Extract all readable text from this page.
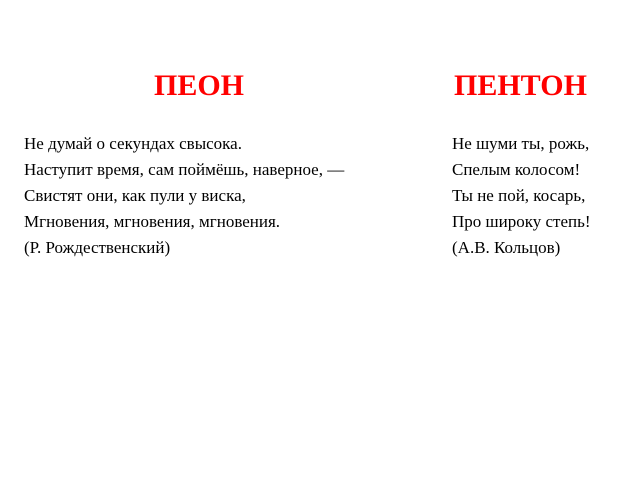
ПЕОН
Не думай о секундах свысока.
Наступит время, сам поймёшь, наверное, —
Свистят они, как пули у виска,
Мгновения, мгновения, мгновения.
(Р. Рождественский)
ПЕНТОН
Не шуми ты, рожь,
Спелым колосом!
Ты не пой, косарь,
Про широку степь!
(А.В. Кольцов)
